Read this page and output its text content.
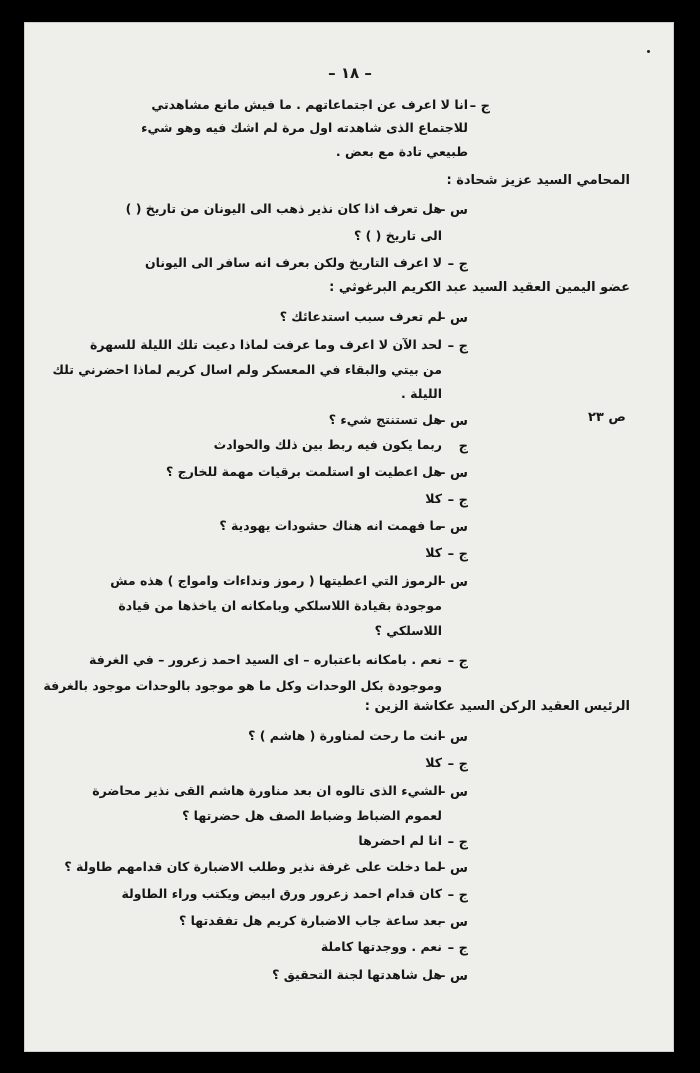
– ١٨ –
ص ٢٣
ج –
انا لا اعرف عن اجتماعاتهم . ما فيش مانع مشاهدتي
للاجتماع الذى شاهدته اول مرة لم اشك فيه وهو شيء
طبيعي تادة مع بعض .
المحامي السيد عزيز شحادة :
س –
هل تعرف اذا كان نذير ذهب الى اليونان من تاريخ ( )
الى تاريخ ( ) ؟
ج –
لا اعرف التاريخ ولكن بعرف انه سافر الى اليونان
عضو اليمين العقيد السيد عبد الكريم البرغوثي :
س –
لم تعرف سبب استدعائك ؟
ج –
لحد الآن لا اعرف وما عرفت لماذا دعيت تلك الليلة للسهرة
من بيتي والبقاء في المعسكر ولم اسال كريم لماذا احضرني تلك
الليلة .
س –
هل تستنتج شيء ؟
ج
ربما يكون فيه ربط بين ذلك والحوادث
س –
هل اعطيت او استلمت برقيات مهمة للخارج ؟
ج –
كلا
س –
ما فهمت انه هناك حشودات يهودية ؟
ج –
كلا
س –
الرموز التي اعطيتها ( رموز ونداءات وامواج ) هذه مش
موجودة بقيادة اللاسلكي وبامكانه ان ياخذها من قيادة
اللاسلكي ؟
ج –
نعم . بامكانه باعتباره – اى السيد احمد زعرور – في الغرفة
وموجودة بكل الوحدات وكل ما هو موجود بالوحدات موجود بالغرفة
الرئيس العقيد الركن السيد عكاشة الزين :
س –
انت ما رحت لمناورة ( هاشم ) ؟
ج –
كلا
س –
الشيء الذى تالوه ان بعد مناورة هاشم القى نذير محاضرة
لعموم الضباط وضباط الصف هل حضرتها ؟
ج –
انا لم احضرها
س –
لما دخلت على غرفة نذير وطلب الاضبارة كان قدامهم طاولة ؟
ج –
كان قدام احمد زعرور ورق ابيض ويكتب وراء الطاولة
س –
بعد ساعة جاب الاضبارة كريم هل تفقدتها ؟
ج –
نعم . ووجدتها كاملة
س –
هل شاهدتها لجنة التحقيق ؟
